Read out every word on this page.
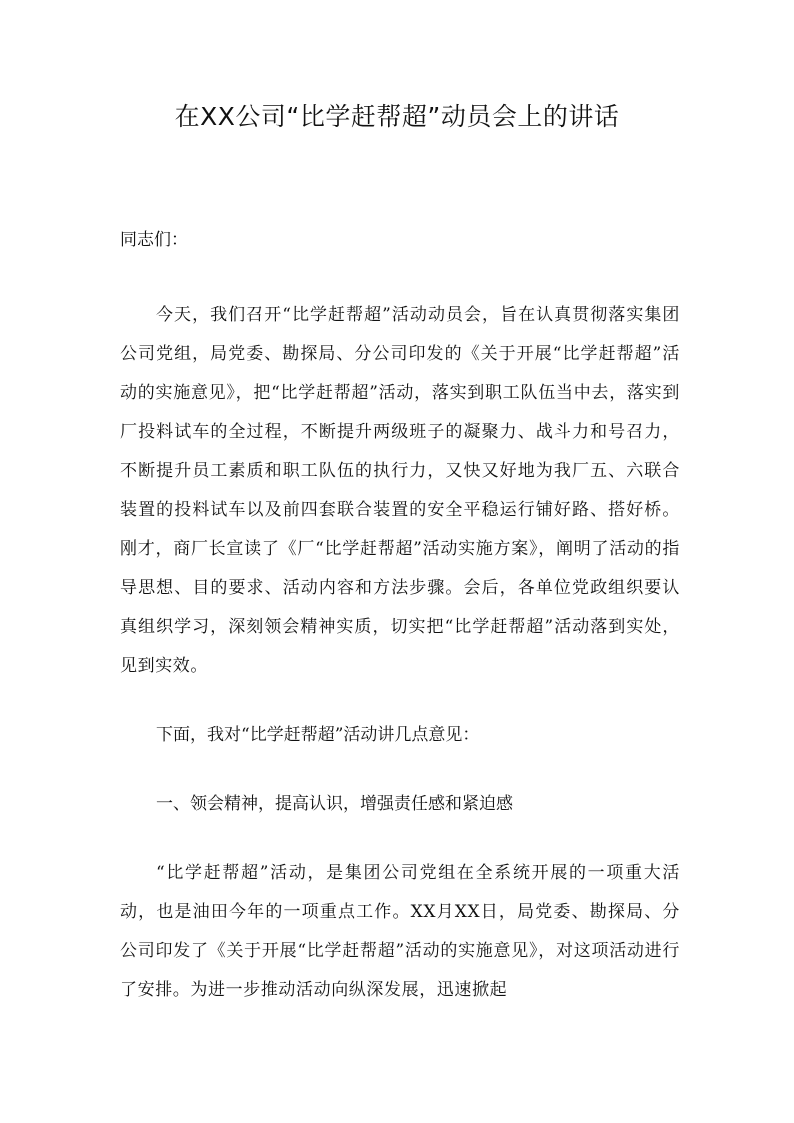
在XX公司“比学赶帮超”动员会上的讲话

同志们：

今天，我们召开“比学赶帮超”活动动员会，旨在认真贯彻落实集团公司党组，局党委、勘探局、分公司印发的《关于开展“比学赶帮超”活动的实施意见》，把“比学赶帮超”活动，落实到职工队伍当中去，落实到厂投料试车的全过程，不断提升两级班子的凝聚力、战斗力和号召力，不断提升员工素质和职工队伍的执行力，又快又好地为我厂五、六联合装置的投料试车以及前四套联合装置的安全平稳运行铺好路、搭好桥。刚才，商厂长宣读了《厂“比学赶帮超”活动实施方案》，阐明了活动的指导思想、目的要求、活动内容和方法步骤。会后，各单位党政组织要认真组织学习，深刻领会精神实质，切实把“比学赶帮超”活动落到实处，见到实效。

下面，我对“比学赶帮超”活动讲几点意见：

一、领会精神，提高认识，增强责任感和紧迫感

“比学赶帮超”活动，是集团公司党组在全系统开展的一项重大活动，也是油田今年的一项重点工作。XX月XX日，局党委、勘探局、分公司印发了《关于开展“比学赶帮超”活动的实施意见》，对这项活动进行了安排。为进一步推动活动向纵深发展，迅速掀起
